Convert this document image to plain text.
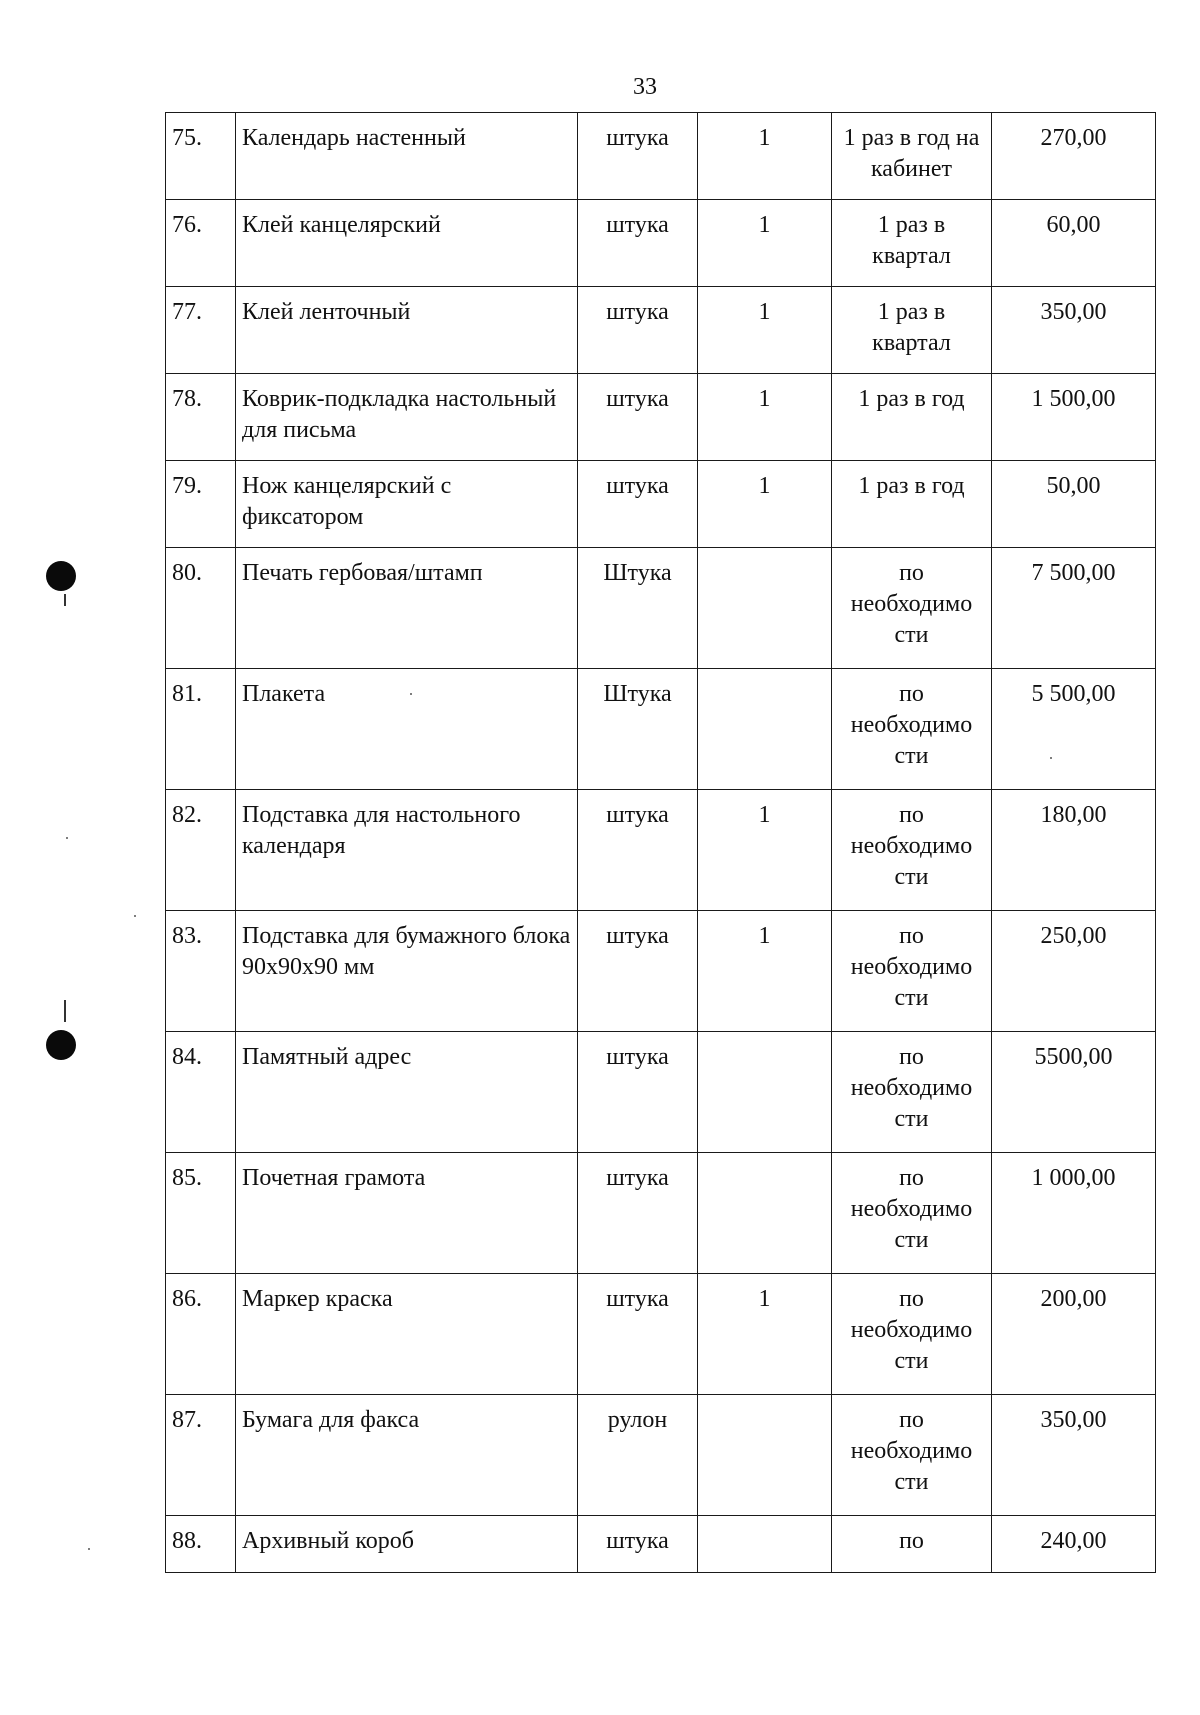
33
75.	Календарь настенный	штука	1	1 раз в год на кабинет	270,00
76.	Клей канцелярский	штука	1	1 раз в квартал	60,00
77.	Клей ленточный	штука	1	1 раз в квартал	350,00
78.	Коврик-подкладка настольный для письма	штука	1	1 раз в год	1 500,00
79.	Нож канцелярский с фиксатором	штука	1	1 раз в год	50,00
80.	Печать гербовая/штамп	Штука		по необходимо сти	7 500,00
81.	Плакета	Штука		по необходимо сти	5 500,00
82.	Подставка для настольного календаря	штука	1	по необходимо сти	180,00
83.	Подставка для бумажного блока 90x90x90 мм	штука	1	по необходимо сти	250,00
84.	Памятный адрес	штука		по необходимо сти	5500,00
85.	Почетная грамота	штука		по необходимо сти	1 000,00
86.	Маркер краска	штука	1	по необходимо сти	200,00
87.	Бумага для факса	рулон		по необходимо сти	350,00
88.	Архивный короб	штука		по	240,00
